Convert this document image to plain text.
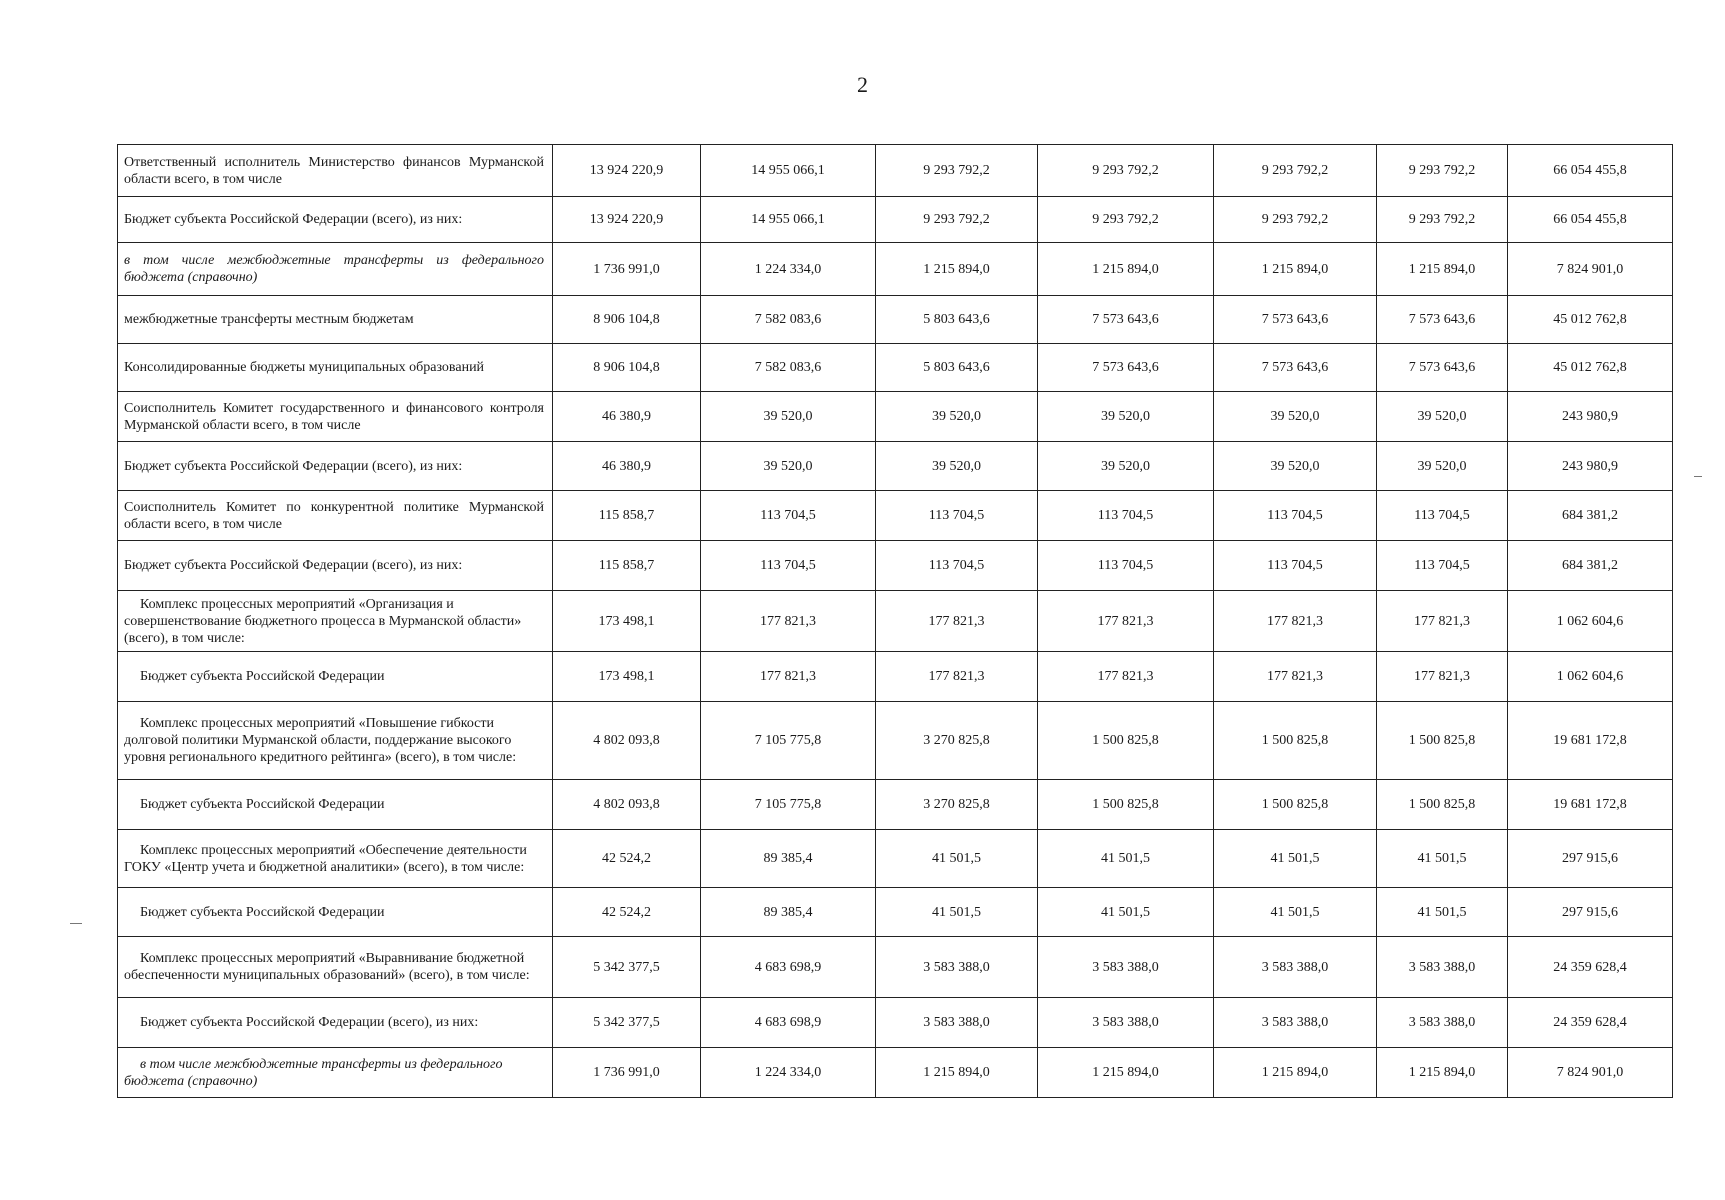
2
Ответственный исполнитель Министерство финансов Мурманской области всего, в том числе	13 924 220,9	14 955 066,1	9 293 792,2	9 293 792,2	9 293 792,2	9 293 792,2	66 054 455,8
Бюджет субъекта Российской Федерации (всего), из них:	13 924 220,9	14 955 066,1	9 293 792,2	9 293 792,2	9 293 792,2	9 293 792,2	66 054 455,8
в том числе межбюджетные трансферты из федерального бюджета (справочно)	1 736 991,0	1 224 334,0	1 215 894,0	1 215 894,0	1 215 894,0	1 215 894,0	7 824 901,0
межбюджетные трансферты местным бюджетам	8 906 104,8	7 582 083,6	5 803 643,6	7 573 643,6	7 573 643,6	7 573 643,6	45 012 762,8
Консолидированные бюджеты муниципальных образований	8 906 104,8	7 582 083,6	5 803 643,6	7 573 643,6	7 573 643,6	7 573 643,6	45 012 762,8
Соисполнитель Комитет государственного и финансового контроля Мурманской области всего, в том числе	46 380,9	39 520,0	39 520,0	39 520,0	39 520,0	39 520,0	243 980,9
Бюджет субъекта Российской Федерации (всего), из них:	46 380,9	39 520,0	39 520,0	39 520,0	39 520,0	39 520,0	243 980,9
Соисполнитель Комитет по конкурентной политике Мурманской области всего, в том числе	115 858,7	113 704,5	113 704,5	113 704,5	113 704,5	113 704,5	684 381,2
Бюджет субъекта Российской Федерации (всего), из них:	115 858,7	113 704,5	113 704,5	113 704,5	113 704,5	113 704,5	684 381,2

Комплекс процессных мероприятий «Организация и совершенствование бюджетного процесса в Мурманской области» (всего), в том числе:	173 498,1	177 821,3	177 821,3	177 821,3	177 821,3	177 821,3	1 062 604,6

Бюджет субъекта Российской Федерации	173 498,1	177 821,3	177 821,3	177 821,3	177 821,3	177 821,3	1 062 604,6

Комплекс процессных мероприятий «Повышение гибкости долговой политики Мурманской области, поддержание высокого уровня регионального кредитного рейтинга» (всего), в том числе:	4 802 093,8	7 105 775,8	3 270 825,8	1 500 825,8	1 500 825,8	1 500 825,8	19 681 172,8

Бюджет субъекта Российской Федерации	4 802 093,8	7 105 775,8	3 270 825,8	1 500 825,8	1 500 825,8	1 500 825,8	19 681 172,8

Комплекс процессных мероприятий «Обеспечение деятельности ГОКУ «Центр учета и бюджетной аналитики» (всего), в том числе:	42 524,2	89 385,4	41 501,5	41 501,5	41 501,5	41 501,5	297 915,6

Бюджет субъекта Российской Федерации	42 524,2	89 385,4	41 501,5	41 501,5	41 501,5	41 501,5	297 915,6

Комплекс процессных мероприятий «Выравнивание бюджетной обеспеченности муниципальных образований» (всего), в том числе:	5 342 377,5	4 683 698,9	3 583 388,0	3 583 388,0	3 583 388,0	3 583 388,0	24 359 628,4

Бюджет субъекта Российской Федерации (всего), из них:	5 342 377,5	4 683 698,9	3 583 388,0	3 583 388,0	3 583 388,0	3 583 388,0	24 359 628,4

в том числе межбюджетные трансферты из федерального бюджета (справочно)	1 736 991,0	1 224 334,0	1 215 894,0	1 215 894,0	1 215 894,0	1 215 894,0	7 824 901,0
